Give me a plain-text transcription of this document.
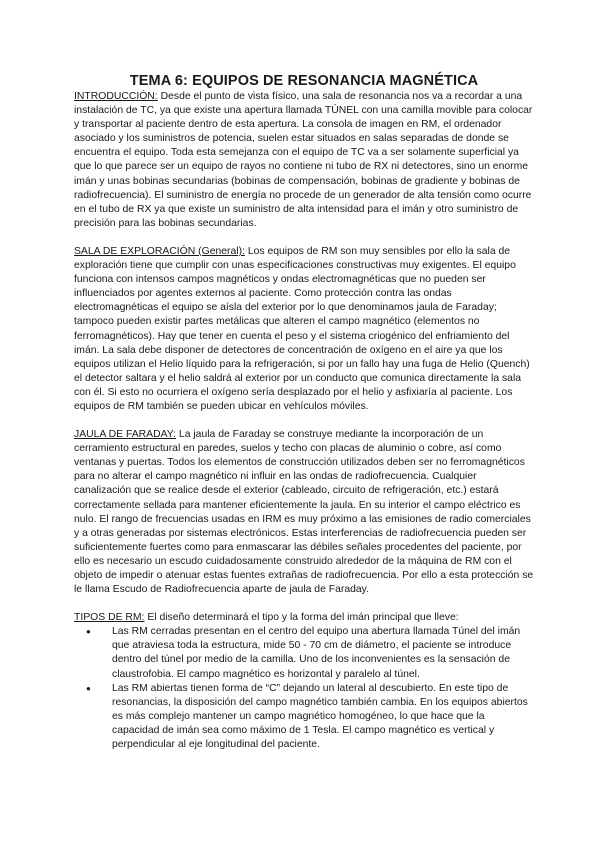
TEMA 6: EQUIPOS DE RESONANCIA MAGNÉTICA

INTRODUCCIÓN: Desde el punto de vista físico, una sala de resonancia nos va a recordar a una instalación de TC, ya que existe una apertura llamada TÚNEL con una camilla movible para colocar y transportar al paciente dentro de esta apertura. La consola de imagen en RM, el ordenador asociado y los suministros de potencia, suelen estar situados en salas separadas de donde se encuentra el equipo. Toda esta semejanza con el equipo de TC va a ser solamente superficial ya que lo que parece ser un equipo de rayos no contiene ni tubo de RX ni detectores, sino un enorme imán y unas bobinas secundarias (bobinas de compensación, bobinas de gradiente y bobinas de radiofrecuencia). El suministro de energía no procede de un generador de alta tensión como ocurre en el tubo de RX ya que existe un suministro de alta intensidad para el imán y otro suministro de precisión para las bobinas secundarias.

SALA DE EXPLORACIÓN (General): Los equipos de RM son muy sensibles por ello la sala de exploración tiene que cumplir con unas especificaciones constructivas muy exigentes. El equipo funciona con intensos campos magnéticos y ondas electromagnéticas que no pueden ser influenciados por agentes externos al paciente. Como protección contra las ondas electromagnéticas el equipo se aísla del exterior por lo que denominamos jaula de Faraday; tampoco pueden existir partes metálicas que alteren el campo magnético (elementos no ferromagnéticos). Hay que tener en cuenta el peso y el sistema criogénico del enfriamiento del imán. La sala debe disponer de detectores de concentración de oxígeno en el aire ya que los equipos utilizan el Helio líquido para la refrigeración, si por un fallo hay una fuga de Helio (Quench) el detector saltara y el helio saldrá al exterior por un conducto que comunica directamente la sala con él. Si esto no ocurriera el oxígeno sería desplazado por el helio y asfixiaría al paciente. Los equipos de RM también se pueden ubicar en vehículos móviles.

JAULA DE FARADAY: La jaula de Faraday se construye mediante la incorporación de un cerramiento estructural en paredes, suelos y techo con placas de aluminio o cobre, así como ventanas y puertas. Todos los elementos de construcción utilizados deben ser no ferromagnéticos para no alterar el campo magnético ni influir en las ondas de radiofrecuencia. Cualquier canalización que se realice desde el exterior (cableado, circuito de refrigeración, etc.) estará correctamente sellada para mantener eficientemente la jaula. En su interior el campo eléctrico es nulo. El rango de frecuencias usadas en IRM es muy próximo a las emisiones de radio comerciales y a otras generadas por sistemas electrónicos. Estas interferencias de radiofrecuencia pueden ser suficientemente fuertes como para enmascarar las débiles señales procedentes del paciente, por ello es necesario un escudo cuidadosamente construido alrededor de la máquina de RM con el objeto de impedir o atenuar estas fuentes extrañas de radiofrecuencia. Por ello a esta protección se le llama Escudo de Radiofrecuencia aparte de jaula de Faraday.

TIPOS DE RM: El diseño determinará el tipo y la forma del imán principal que lleve:

● Las RM cerradas presentan en el centro del equipo una abertura llamada Túnel del imán que atraviesa toda la estructura, mide 50 - 70 cm de diámetro, el paciente se introduce dentro del túnel por medio de la camilla. Uno de los inconvenientes es la sensación de claustrofobia. El campo magnético es horizontal y paralelo al túnel.
● Las RM abiertas tienen forma de “C” dejando un lateral al descubierto. En este tipo de resonancias, la disposición del campo magnético también cambia. En los equipos abiertos es más complejo mantener un campo magnético homogéneo, lo que hace que la capacidad de imán sea como máximo de 1 Tesla. El campo magnético es vertical y perpendicular al eje longitudinal del paciente.
